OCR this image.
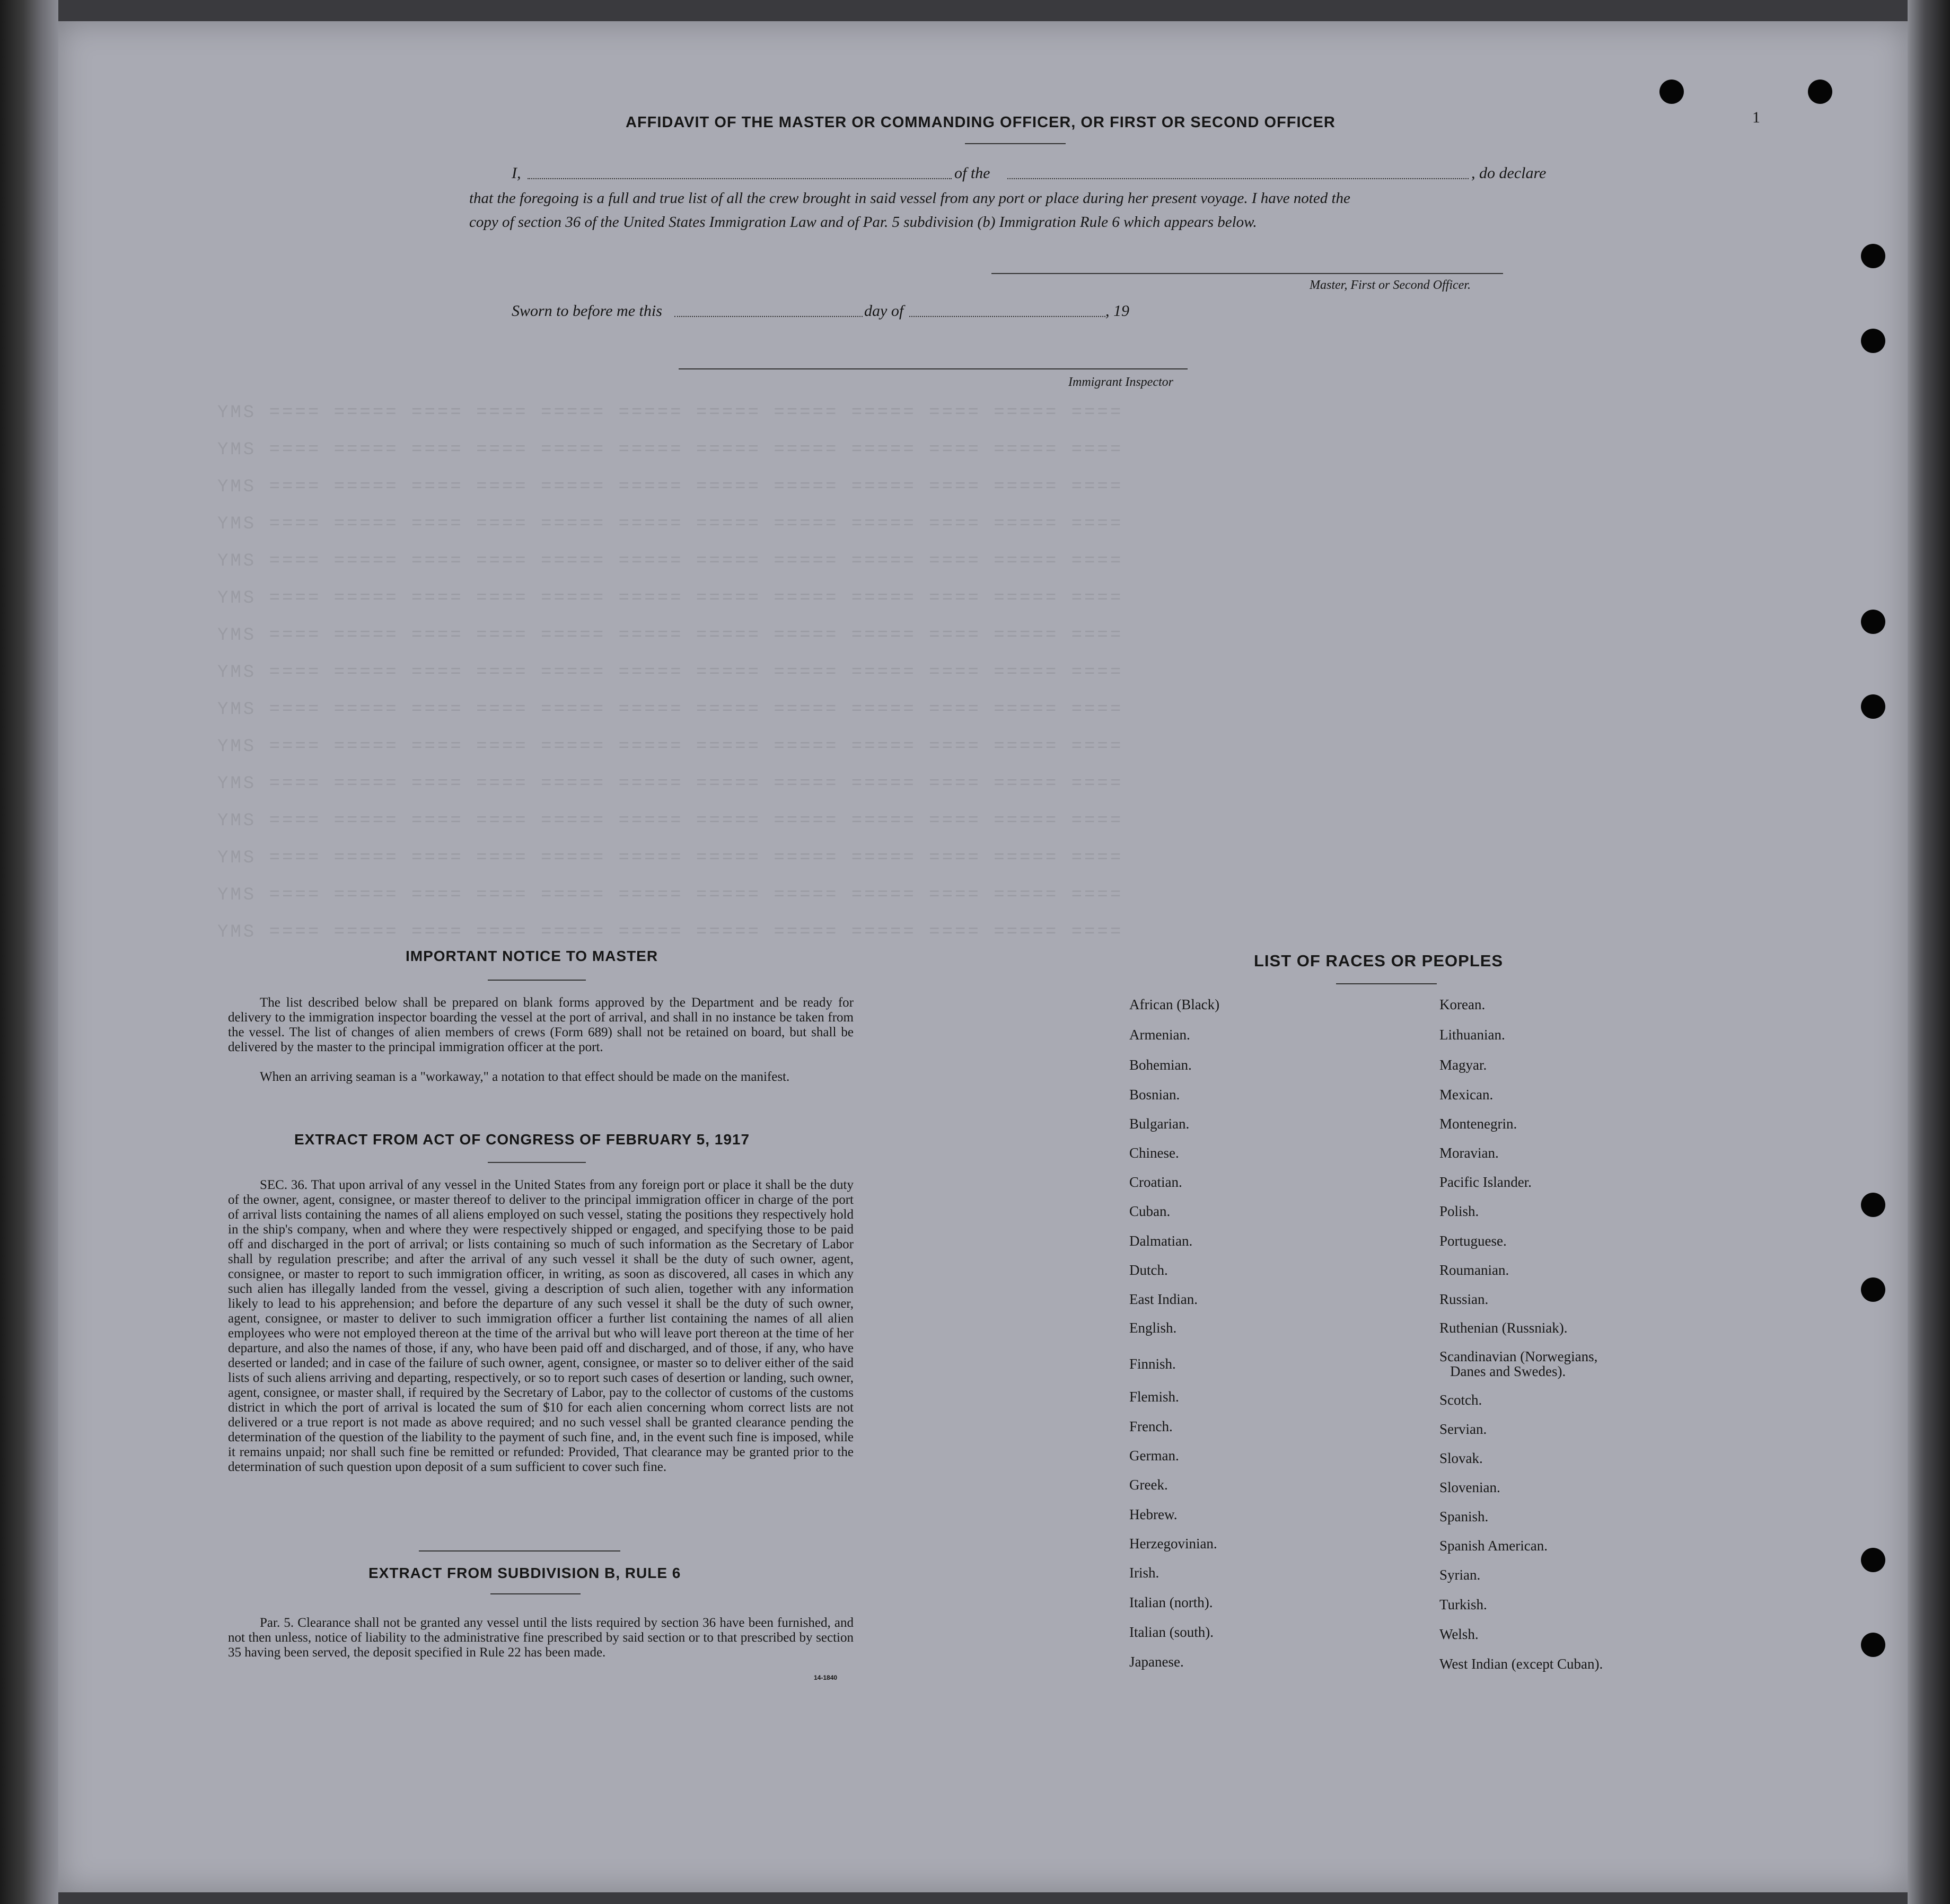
YMS ==== ===== ==== ==== ===== ===== ===== ===== ===== ==== ===== ====
YMS ==== ===== ==== ==== ===== ===== ===== ===== ===== ==== ===== ====
YMS ==== ===== ==== ==== ===== ===== ===== ===== ===== ==== ===== ====
YMS ==== ===== ==== ==== ===== ===== ===== ===== ===== ==== ===== ====
YMS ==== ===== ==== ==== ===== ===== ===== ===== ===== ==== ===== ====
YMS ==== ===== ==== ==== ===== ===== ===== ===== ===== ==== ===== ====
YMS ==== ===== ==== ==== ===== ===== ===== ===== ===== ==== ===== ====
YMS ==== ===== ==== ==== ===== ===== ===== ===== ===== ==== ===== ====
YMS ==== ===== ==== ==== ===== ===== ===== ===== ===== ==== ===== ====
YMS ==== ===== ==== ==== ===== ===== ===== ===== ===== ==== ===== ====
YMS ==== ===== ==== ==== ===== ===== ===== ===== ===== ==== ===== ====
YMS ==== ===== ==== ==== ===== ===== ===== ===== ===== ==== ===== ====
YMS ==== ===== ==== ==== ===== ===== ===== ===== ===== ==== ===== ====
YMS ==== ===== ==== ==== ===== ===== ===== ===== ===== ==== ===== ====
YMS ==== ===== ==== ==== ===== ===== ===== ===== ===== ==== ===== ====
1
AFFIDAVIT OF THE MASTER OR COMMANDING OFFICER, OR FIRST OR SECOND OFFICER
I,	of the	, do declare
that the foregoing is a full and true list of all the crew brought in said vessel from any port or place during her present voyage. I have noted the
copy of section 36 of the United States Immigration Law and of Par. 5 subdivision (b) Immigration Rule 6 which appears below.
Master, First or Second Officer.
Sworn to before me this	day of	, 19
Immigrant Inspector
IMPORTANT NOTICE TO MASTER
The list described below shall be prepared on blank forms approved by the Department and be ready for delivery to the immigration inspector boarding the vessel at the port of arrival, and shall in no instance be taken from the vessel. The list of changes of alien members of crews (Form 689) shall not be retained on board, but shall be delivered by the master to the principal immigration officer at the port.
When an arriving seaman is a "workaway," a notation to that effect should be made on the manifest.
EXTRACT FROM ACT OF CONGRESS OF FEBRUARY 5, 1917
SEC. 36. That upon arrival of any vessel in the United States from any foreign port or place it shall be the duty of the owner, agent, consignee, or master thereof to deliver to the principal immigration officer in charge of the port of arrival lists containing the names of all aliens employed on such vessel, stating the positions they respectively hold in the ship's company, when and where they were respectively shipped or engaged, and specifying those to be paid off and discharged in the port of arrival; or lists containing so much of such information as the Secretary of Labor shall by regulation prescribe; and after the arrival of any such vessel it shall be the duty of such owner, agent, consignee, or master to report to such immigration officer, in writing, as soon as discovered, all cases in which any such alien has illegally landed from the vessel, giving a description of such alien, together with any information likely to lead to his apprehension; and before the departure of any such vessel it shall be the duty of such owner, agent, consignee, or master to deliver to such immigration officer a further list containing the names of all alien employees who were not employed thereon at the time of the arrival but who will leave port thereon at the time of her departure, and also the names of those, if any, who have been paid off and discharged, and of those, if any, who have deserted or landed; and in case of the failure of such owner, agent, consignee, or master so to deliver either of the said lists of such aliens arriving and departing, respectively, or so to report such cases of desertion or landing, such owner, agent, consignee, or master shall, if required by the Secretary of Labor, pay to the collector of customs of the customs district in which the port of arrival is located the sum of $10 for each alien concerning whom correct lists are not delivered or a true report is not made as above required; and no such vessel shall be granted clearance pending the determination of the question of the liability to the payment of such fine, and, in the event such fine is imposed, while it remains unpaid; nor shall such fine be remitted or refunded: Provided, That clearance may be granted prior to the determination of such question upon deposit of a sum sufficient to cover such fine.
EXTRACT FROM SUBDIVISION B, RULE 6
Par. 5. Clearance shall not be granted any vessel until the lists required by section 36 have been furnished, and not then unless, notice of liability to the administrative fine prescribed by said section or to that prescribed by section 35 having been served, the deposit specified in Rule 22 has been made.
14-1840
LIST OF RACES OR PEOPLES
African (Black)
Armenian.
Bohemian.
Bosnian.
Bulgarian.
Chinese.
Croatian.
Cuban.
Dalmatian.
Dutch.
East Indian.
English.
Finnish.
Flemish.
French.
German.
Greek.
Hebrew.
Herzegovinian.
Irish.
Italian (north).
Italian (south).
Japanese.
Korean.
Lithuanian.
Magyar.
Mexican.
Montenegrin.
Moravian.
Pacific Islander.
Polish.
Portuguese.
Roumanian.
Russian.
Ruthenian (Russniak).
Scandinavian (Norwegians,
Danes and Swedes).
Scotch.
Servian.
Slovak.
Slovenian.
Spanish.
Spanish American.
Syrian.
Turkish.
Welsh.
West Indian (except Cuban).
